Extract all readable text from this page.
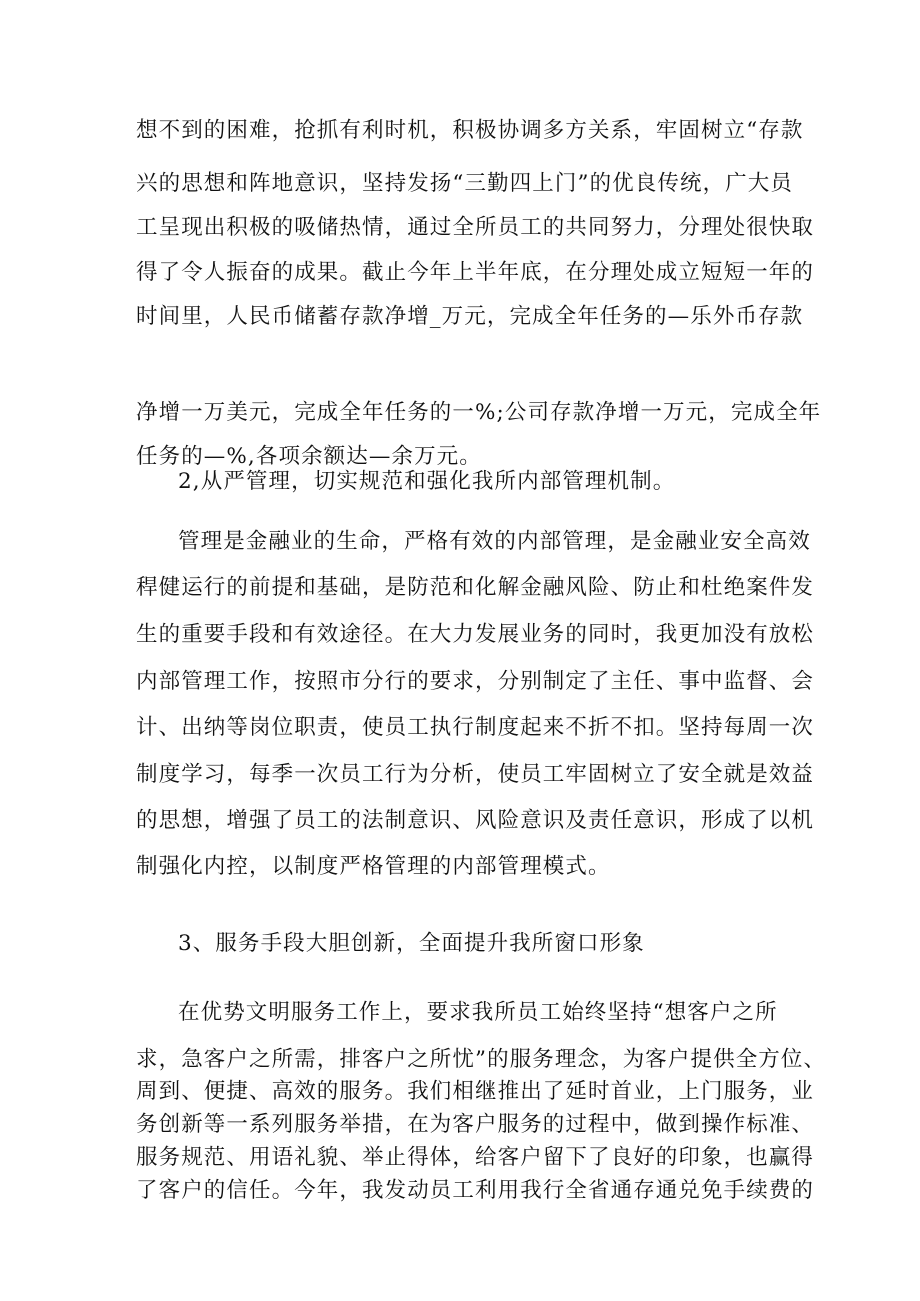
想不到的困难，抢抓有利时机，积极协调多方关系，牢固树立“存款
兴的思想和阵地意识，坚持发扬“三勤四上门”的优良传统，广大员
工呈现出积极的吸储热情，通过全所员工的共同努力，分理处很快取
得了令人振奋的成果。截止今年上半年底，在分理处成立短短一年的
时间里，人民币储蓄存款净增_万元，完成全年任务的—乐外币存款
净增一万美元，完成全年任务的一%;公司存款净增一万元，完成全年
任务的—%,各项余额达—余万元。
2,从严管理，切实规范和强化我所内部管理机制。
管理是金融业的生命，严格有效的内部管理，是金融业安全高效
稈健运行的前提和基础，是防范和化解金融风险、防止和杜绝案件发
生的重要手段和有效途径。在大力发展业务的同时，我更加没有放松
内部管理工作，按照市分行的要求，分别制定了主任、事中监督、会
计、出纳等岗位职责，使员工执行制度起来不折不扣。坚持每周一次
制度学习，每季一次员工行为分析，使员工牢固树立了安全就是效益
的思想，增强了员工的法制意识、风险意识及责任意识，形成了以机
制强化内控，以制度严格管理的内部管理模式。
3、服务手段大胆创新，全面提升我所窗口形象
在优势文明服务工作上，要求我所员工始终坚持“想客户之所
求，急客户之所需，排客户之所忧”的服务理念，为客户提供全方位、
周到、便捷、高效的服务。我们相继推出了延时首业，上门服务，业
务创新等一系列服务举措，在为客户服务的过程中，做到操作标准、
服务规范、用语礼貌、举止得体，给客户留下了良好的印象，也赢得
了客户的信任。今年，我发动员工利用我行全省通存通兑免手续费的
